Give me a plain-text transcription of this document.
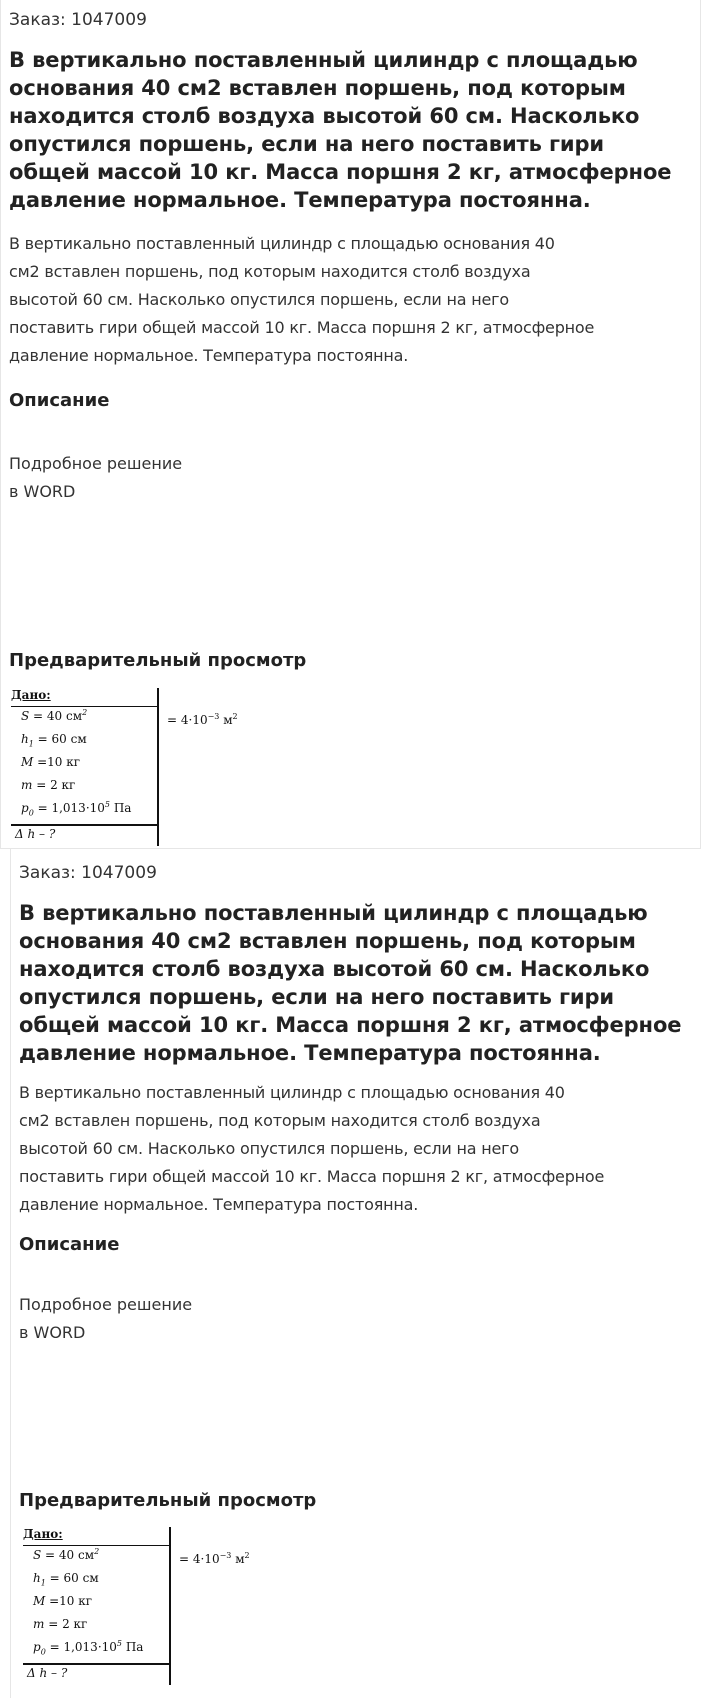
Заказ: 1047009
В вертикально поставленный цилиндр с площадью
основания 40 см2 вставлен поршень, под которым
находится столб воздуха высотой 60 см. Насколько
опустился поршень, если на него поставить гири
общей массой 10 кг. Масса поршня 2 кг, атмосферное
давление нормальное. Температура постоянна.
В вертикально поставленный цилиндр с площадью основания 40
см2 вставлен поршень, под которым находится столб воздуха
высотой 60 см. Насколько опустился поршень, если на него
поставить гири общей массой 10 кг. Масса поршня 2 кг, атмосферное
давление нормальное. Температура постоянна.
Описание
Подробное решение
в WORD
Предварительный просмотр
Дано:
S = 40 $см^2$
$h_1 = 60$ см
M =10 кг
m = 2 кг
$p_0 = 1,013\cdot 10^5$ Па
Δ h – ?
= $4\cdot 10^{-3}$ $м^2$
Заказ: 1047009
В вертикально поставленный цилиндр с площадью
основания 40 см2 вставлен поршень, под которым
находится столб воздуха высотой 60 см. Насколько
опустился поршень, если на него поставить гири
общей массой 10 кг. Масса поршня 2 кг, атмосферное
давление нормальное. Температура постоянна.
В вертикально поставленный цилиндр с площадью основания 40
см2 вставлен поршень, под которым находится столб воздуха
высотой 60 см. Насколько опустился поршень, если на него
поставить гири общей массой 10 кг. Масса поршня 2 кг, атмосферное
давление нормальное. Температура постоянна.
Описание
Подробное решение
в WORD
Предварительный просмотр
Дано:
S = 40 $см^2$
$h_1 = 60$ см
M =10 кг
m = 2 кг
$p_0 = 1,013\cdot 10^5$ Па
Δ h – ?
= $4\cdot 10^{-3}$ $м^2$
